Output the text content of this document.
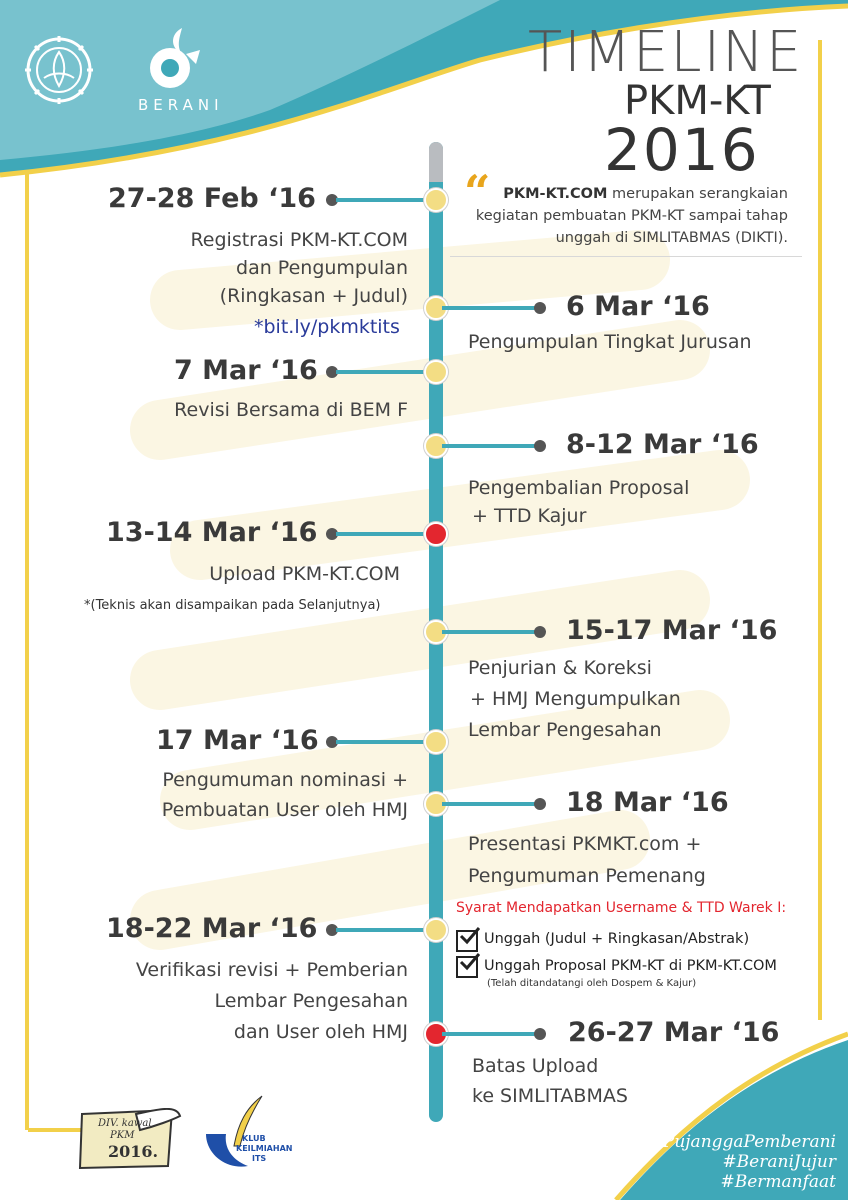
BERANI
TIMELINE
PKM-KT
2016
“ PKM-KT.COM merupakan serangkaian
kegiatan pembuatan PKM-KT sampai tahap
unggah di SIMLITABMAS (DIKTI).
27-28 Feb ‘16
Registrasi PKM-KT.COM
dan Pengumpulan
(Ringkasan + Judul)
*bit.ly/pkmktits
6 Mar ‘16
Pengumpulan Tingkat Jurusan
7 Mar ‘16
Revisi Bersama di BEM F
8-12 Mar ‘16
Pengembalian Proposal
+ TTD Kajur
13-14 Mar ‘16
Upload PKM-KT.COM
*(Teknis akan disampaikan pada Selanjutnya)
15-17 Mar ‘16
Penjurian & Koreksi
+ HMJ Mengumpulkan
Lembar Pengesahan
17 Mar ‘16
Pengumuman nominasi +
Pembuatan User oleh HMJ	18 Mar ‘16
Presentasi PKMKT.com +
Pengumuman Pemenang
Syarat Mendapatkan Username & TTD Warek I:
Unggah (Judul + Ringkasan/Abstrak)
Unggah Proposal PKM-KT di PKM-KT.COM
(Telah ditandatangi oleh Dospem & Kajur)
18-22 Mar ‘16
Verifikasi revisi + Pemberian
Lembar Pengesahan
dan User oleh HMJ	26-27 Mar ‘16
Batas Upload
ke SIMLITABMAS
#PujanggaPemberani
#BeraniJujur
#Bermanfaat
DIV. kawal
PKM
2016.
KLUB
KEILMIAHAN
ITS
